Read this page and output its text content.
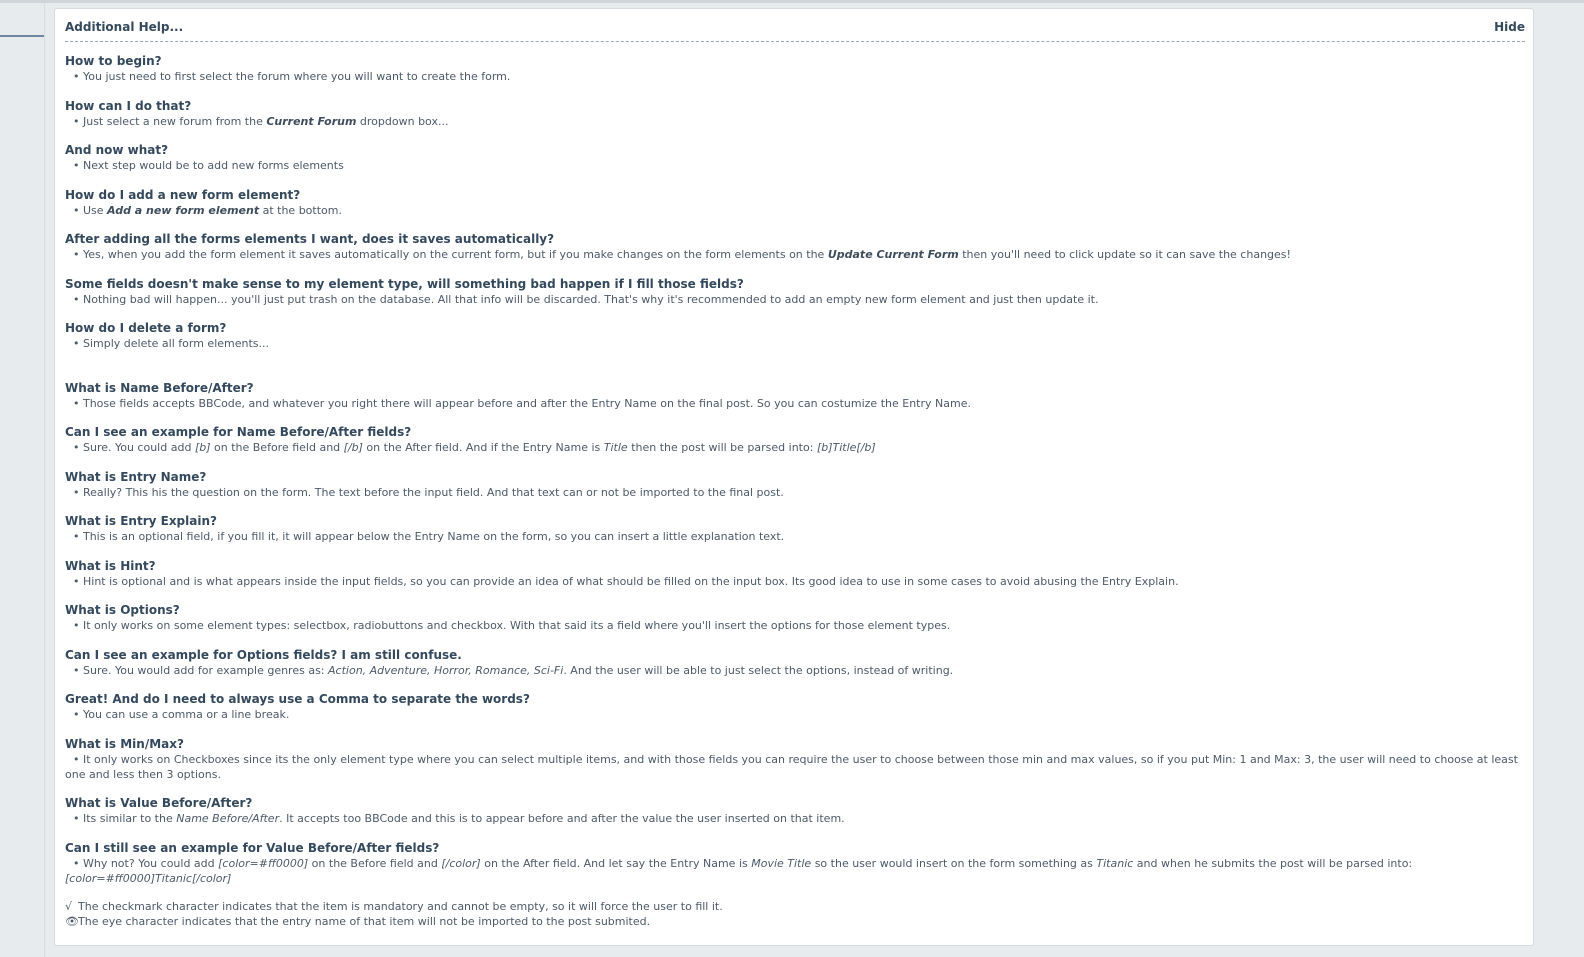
Additional Help...	Hide
How to begin?
• You just need to first select the forum where you will want to create the form.
How can I do that?
• Just select a new forum from the Current Forum dropdown box...
And now what?
• Next step would be to add new forms elements
How do I add a new form element?
• Use Add a new form element at the bottom.
After adding all the forms elements I want, does it saves automatically?
• Yes, when you add the form element it saves automatically on the current form, but if you make changes on the form elements on the Update Current Form then you'll need to click update so it can save the changes!
Some fields doesn't make sense to my element type, will something bad happen if I fill those fields?
• Nothing bad will happen... you'll just put trash on the database. All that info will be discarded. That's why it's recommended to add an empty new form element and just then update it.
How do I delete a form?
• Simply delete all form elements...
What is Name Before/After?
• Those fields accepts BBCode, and whatever you right there will appear before and after the Entry Name on the final post. So you can costumize the Entry Name.
Can I see an example for Name Before/After fields?
• Sure. You could add [b] on the Before field and [/b] on the After field. And if the Entry Name is Title then the post will be parsed into: [b]Title[/b]
What is Entry Name?
• Really? This his the question on the form. The text before the input field. And that text can or not be imported to the final post.
What is Entry Explain?
• This is an optional field, if you fill it, it will appear below the Entry Name on the form, so you can insert a little explanation text.
What is Hint?
• Hint is optional and is what appears inside the input fields, so you can provide an idea of what should be filled on the input box. Its good idea to use in some cases to avoid abusing the Entry Explain.
What is Options?
• It only works on some element types: selectbox, radiobuttons and checkbox. With that said its a field where you'll insert the options for those element types.
Can I see an example for Options fields? I am still confuse.
• Sure. You would add for example genres as: Action, Adventure, Horror, Romance, Sci-Fi. And the user will be able to just select the options, instead of writing.
Great! And do I need to always use a Comma to separate the words?
• You can use a comma or a line break.
What is Min/Max?
• It only works on Checkboxes since its the only element type where you can select multiple items, and with those fields you can require the user to choose between those min and max values, so if you put Min: 1 and Max: 3, the user will need to choose at least one and less then 3 options.
What is Value Before/After?
• Its similar to the Name Before/After. It accepts too BBCode and this is to appear before and after the value the user inserted on that item.
Can I still see an example for Value Before/After fields?
• Why not? You could add [color=#ff0000] on the Before field and [/color] on the After field. And let say the Entry Name is Movie Title so the user would insert on the form something as Titanic and when he submits the post will be parsed into: [color=#ff0000]Titanic[/color]
√ The checkmark character indicates that the item is mandatory and cannot be empty, so it will force the user to fill it.
👁The eye character indicates that the entry name of that item will not be imported to the post submited.
